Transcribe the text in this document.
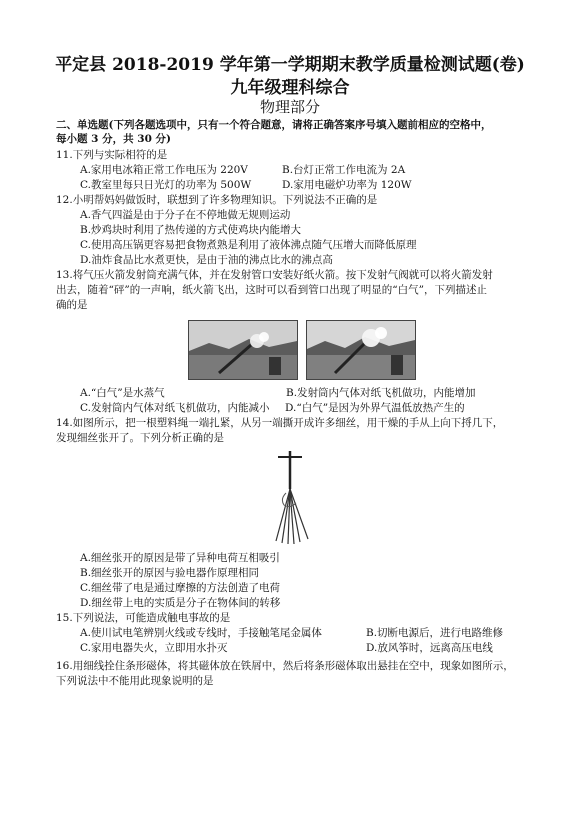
平定县 2018-2019 学年第一学期期末教学质量检测试题(卷)
九年级理科综合
物理部分
二、单选题(下列各题选项中，只有一个符合题意，请将正确答案序号填入题前相应的空格中，
每小题 3 分，共 30 分)
11.下列与实际相符的是
A.家用电冰箱正常工作电压为 220V	B.台灯正常工作电流为 2A
C.教室里每只日光灯的功率为 500W	D.家用电磁炉功率为 120W
12.小明帮妈妈做饭时，联想到了许多物理知识。下列说法不正确的是
A.香气四溢是由于分子在不停地做无规则运动
B.炒鸡块时利用了热传递的方式使鸡块内能增大
C.使用高压锅更容易把食物煮熟是利用了液体沸点随气压增大而降低原理
D.油炸食品比水煮更快，是由于油的沸点比水的沸点高
13.将气压火箭发射筒充满气体，并在发射管口安装好纸火箭。按下发射气阀就可以将火箭发射
出去，随着“砰”的一声响，纸火箭飞出，这时可以看到管口出现了明显的“白气”，下列描述止
确的是
A.“白气”是水蒸气	B.发射筒内气体对纸飞机做功，内能增加
C.发射筒内气体对纸飞机做功，内能减小 D.“白气”是因为外界气温低放热产生的
14.如图所示，把一根塑料绳一端扎紧，从另一端撕开成许多细丝，用干燥的手从上向下捋几下，
发现细丝张开了。下列分析正确的是
A.细丝张开的原因是带了异种电荷互相吸引
B.细丝张开的原因与验电器作原理相同
C.细丝带了电是通过摩擦的方法创造了电荷
D.细丝带上电的实质是分子在物体间的转移
15.下列说法，可能造成触电事故的是
A.使川试电笔辨别火线或专线时，手接触笔尾金属体	B.切断电源后，进行电路维修
C.家用电器失火，立即用水扑灭	D.放风筝时，远离高压电线
16.用细线拴住条形磁体，将其磁体放在铁屑中，然后将条形磁体取出悬挂在空中，现象如图所示，
下列说法中不能用此现象说明的是
